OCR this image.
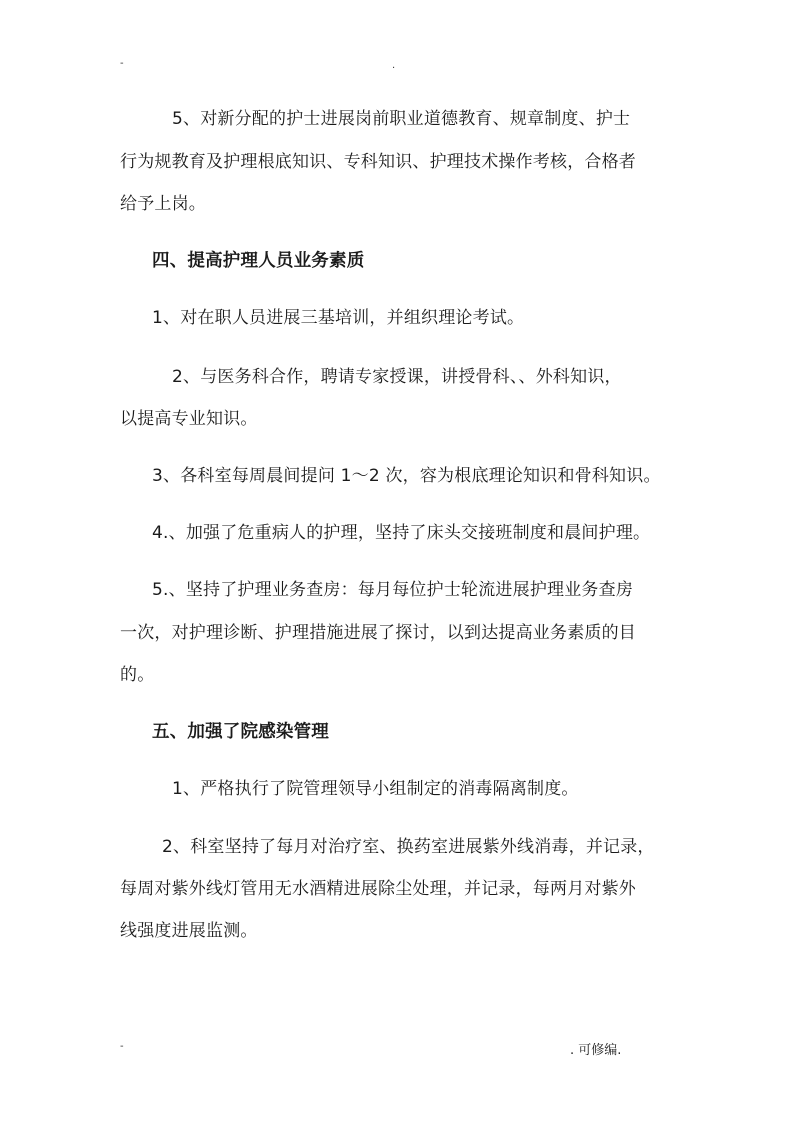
-	.
5、对新分配的护士进展岗前职业道德教育、规章制度、护士
行为规教育及护理根底知识、专科知识、护理技术操作考核，合格者
给予上岗。
四、提高护理人员业务素质
1、对在职人员进展三基培训，并组织理论考试。
2、与医务科合作，聘请专家授课，讲授骨科、、外科知识，
以提高专业知识。
3、各科室每周晨间提问 1～2 次，容为根底理论知识和骨科知识。
4.、加强了危重病人的护理，坚持了床头交接班制度和晨间护理。
5.、坚持了护理业务查房：每月每位护士轮流进展护理业务查房
一次，对护理诊断、护理措施进展了探讨，以到达提高业务素质的目
的。
五、加强了院感染管理
1、严格执行了院管理领导小组制定的消毒隔离制度。
2、科室坚持了每月对治疗室、换药室进展紫外线消毒，并记录，
每周对紫外线灯管用无水酒精进展除尘处理，并记录，每两月对紫外
线强度进展监测。
-	. 可修编.
